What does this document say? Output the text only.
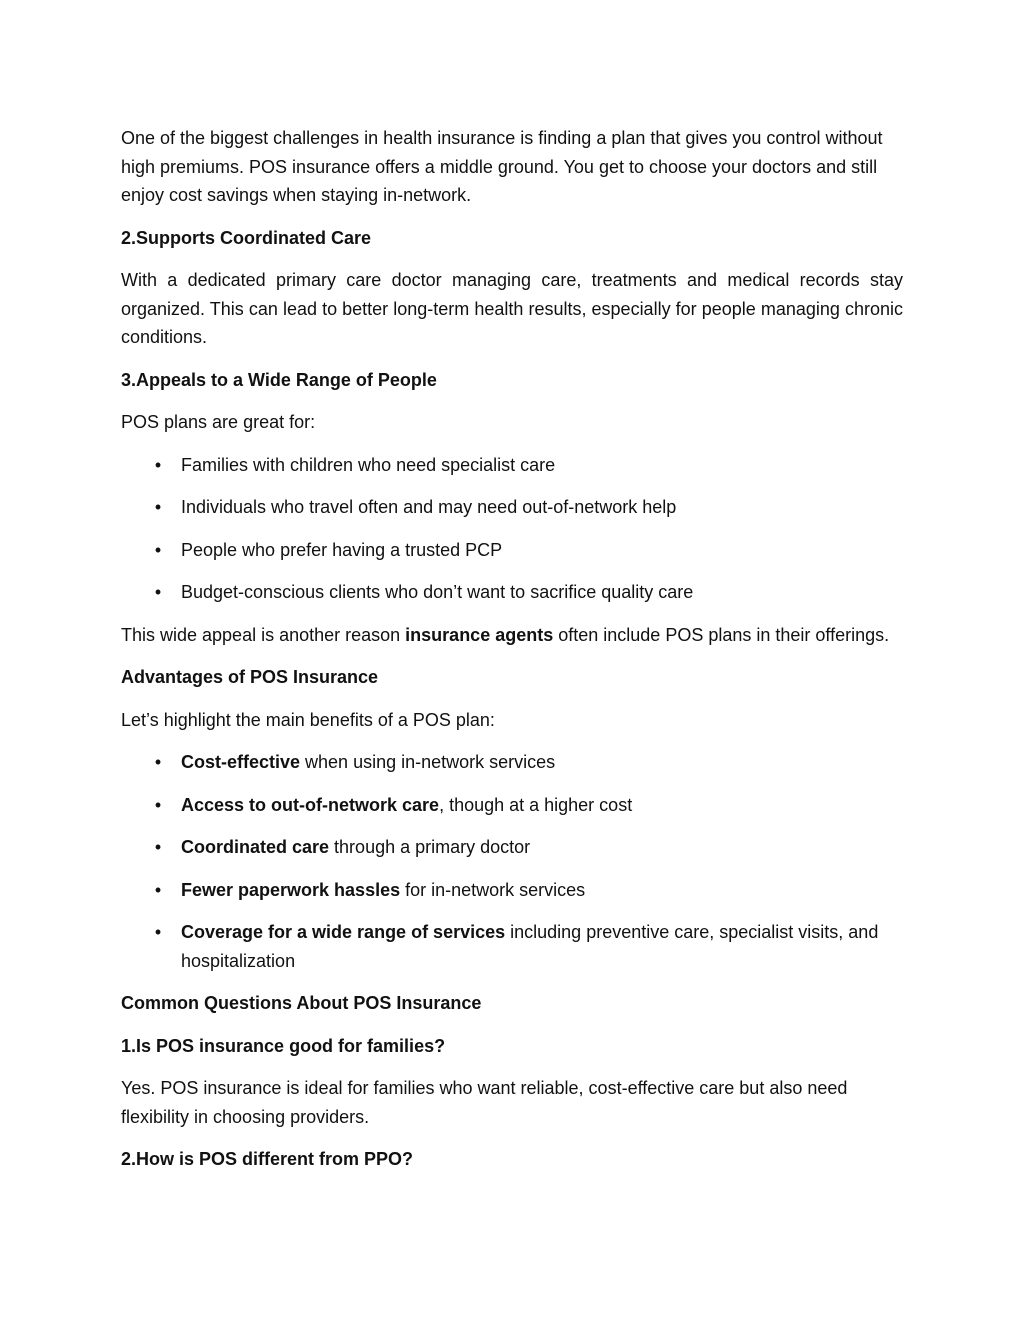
One of the biggest challenges in health insurance is finding a plan that gives you control without high premiums. POS insurance offers a middle ground. You get to choose your doctors and still enjoy cost savings when staying in-network.

2.Supports Coordinated Care

With a dedicated primary care doctor managing care, treatments and medical records stay organized. This can lead to better long-term health results, especially for people managing chronic conditions.

3.Appeals to a Wide Range of People

POS plans are great for:

• Families with children who need specialist care
• Individuals who travel often and may need out-of-network help
• People who prefer having a trusted PCP
• Budget-conscious clients who don’t want to sacrifice quality care

This wide appeal is another reason insurance agents often include POS plans in their offerings.

Advantages of POS Insurance

Let’s highlight the main benefits of a POS plan:

• Cost-effective when using in-network services
• Access to out-of-network care, though at a higher cost
• Coordinated care through a primary doctor
• Fewer paperwork hassles for in-network services
• Coverage for a wide range of services including preventive care, specialist visits, and hospitalization

Common Questions About POS Insurance

1.Is POS insurance good for families?

Yes. POS insurance is ideal for families who want reliable, cost-effective care but also need flexibility in choosing providers.

2.How is POS different from PPO?
